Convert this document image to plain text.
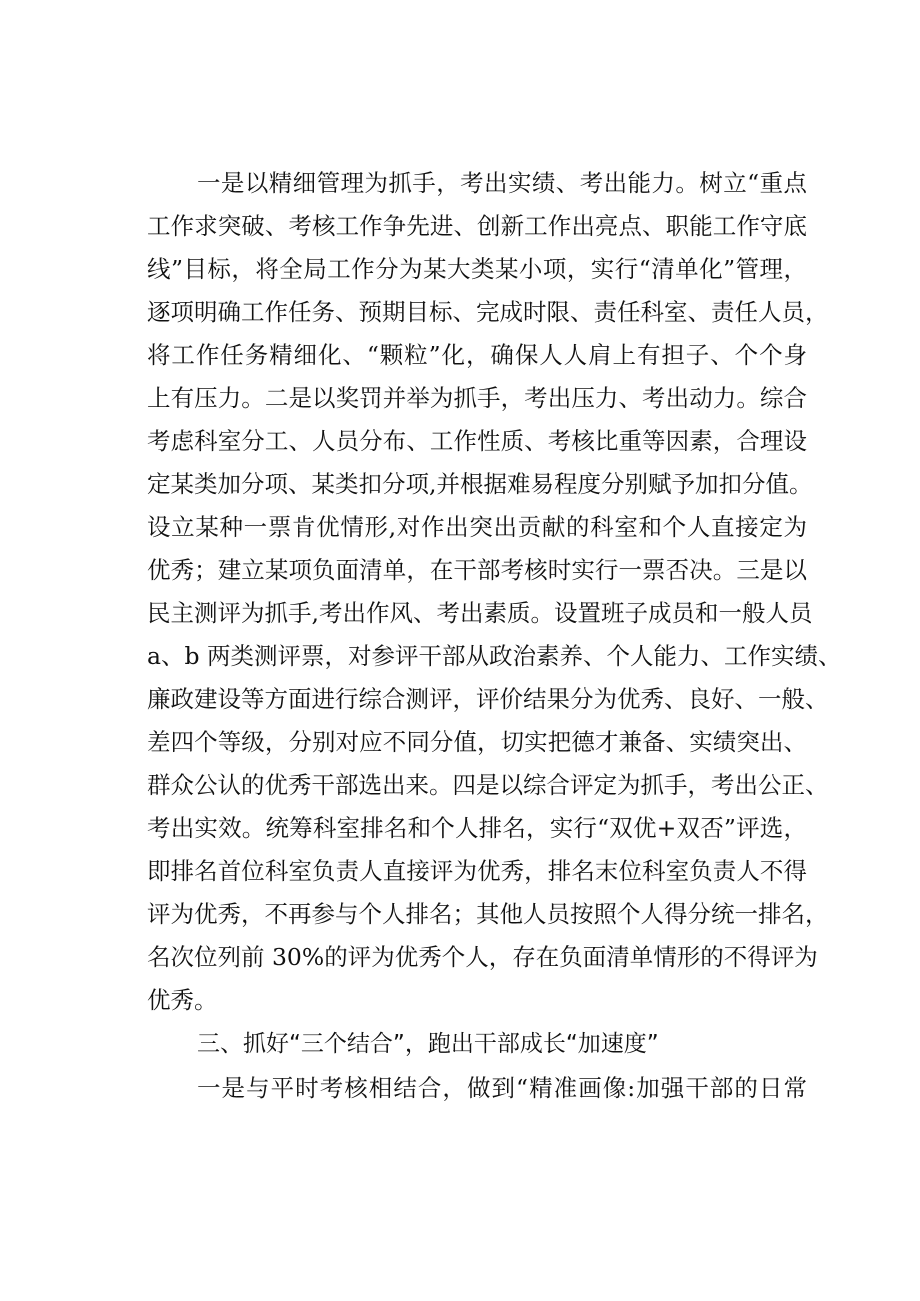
一是以精细管理为抓手，考出实绩、考出能力。树立“重点
工作求突破、考核工作争先进、创新工作出亮点、职能工作守底
线”目标，将全局工作分为某大类某小项，实行“清单化”管理，
逐项明确工作任务、预期目标、完成时限、责任科室、责任人员，
将工作任务精细化、“颗粒”化，确保人人肩上有担子、个个身
上有压力。二是以奖罚并举为抓手，考出压力、考出动力。综合
考虑科室分工、人员分布、工作性质、考核比重等因素，合理设
定某类加分项、某类扣分项,并根据难易程度分别赋予加扣分值。
设立某种一票肯优情形,对作出突出贡献的科室和个人直接定为
优秀；建立某项负面清单，在干部考核时实行一票否决。三是以
民主测评为抓手,考出作风、考出素质。设置班子成员和一般人员
a、b 两类测评票，对参评干部从政治素养、个人能力、工作实绩、
廉政建设等方面进行综合测评，评价结果分为优秀、良好、一般、
差四个等级，分别对应不同分值，切实把德才兼备、实绩突出、
群众公认的优秀干部选出来。四是以综合评定为抓手，考出公正、
考出实效。统筹科室排名和个人排名，实行“双优+双否”评选，
即排名首位科室负责人直接评为优秀，排名末位科室负责人不得
评为优秀，不再参与个人排名；其他人员按照个人得分统一排名，
名次位列前 30%的评为优秀个人，存在负面清单情形的不得评为
优秀。
三、抓好“三个结合”，跑出干部成长“加速度”
一是与平时考核相结合，做到“精准画像:加强干部的日常
